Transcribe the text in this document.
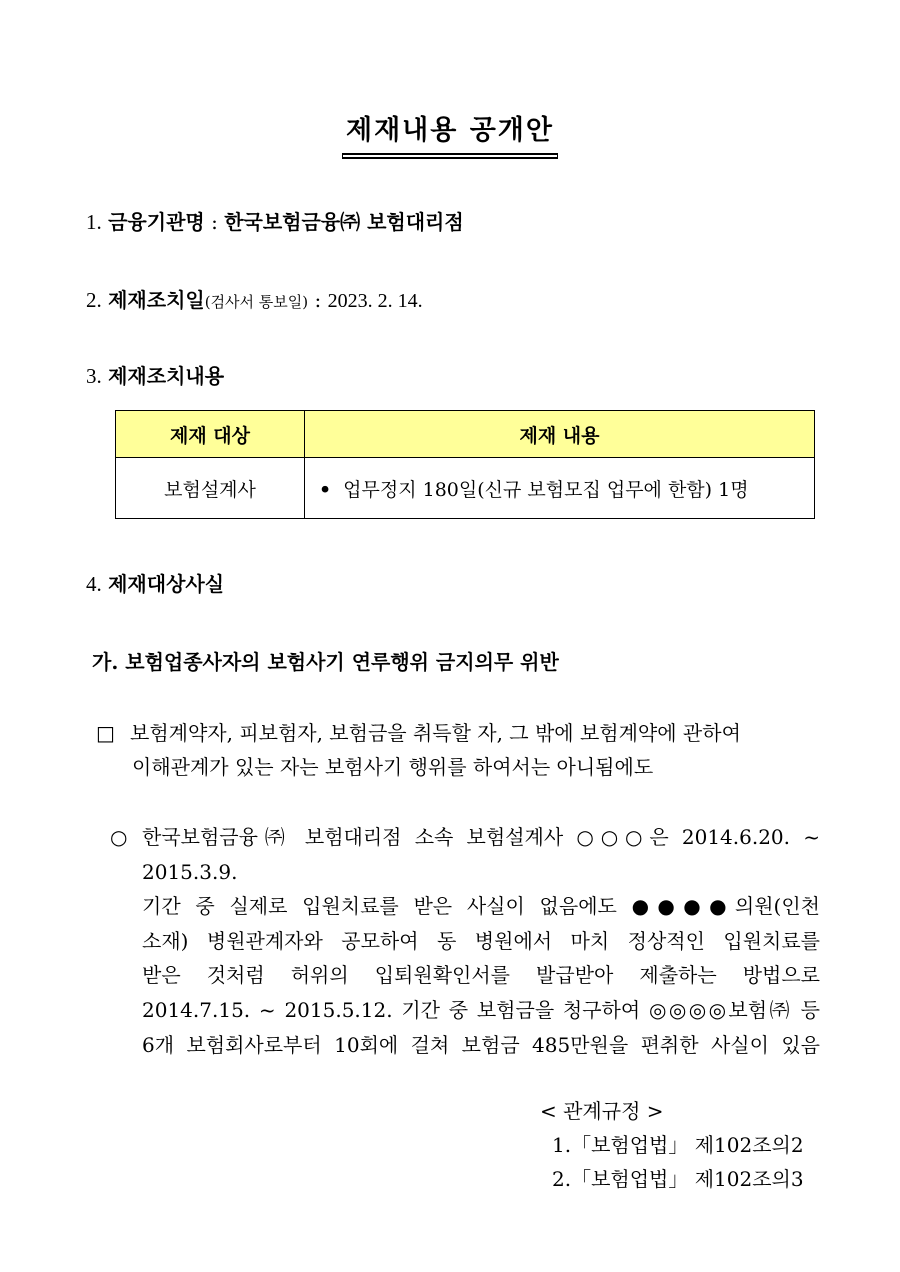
제재내용 공개안
1. 금융기관명 : 한국보험금융㈜ 보험대리점
2. 제재조치일(검사서 통보일) : 2023. 2. 14.
3. 제재조치내용
제재 대상	제재 내용
보험설계사	• 업무정지 180일(신규 보험모집 업무에 한함) 1명
4. 제재대상사실
가. 보험업종사자의 보험사기 연루행위 금지의무 위반
□ 보험계약자, 피보험자, 보험금을 취득할 자, 그 밖에 보험계약에 관하여
이해관계가 있는 자는 보험사기 행위를 하여서는 아니됨에도
○ 한국보험금융㈜ 보험대리점 소속 보험설계사 ○○○은 2014.6.20. ~ 2015.3.9.
기간 중 실제로 입원치료를 받은 사실이 없음에도 ●●●●의원(인천
소재) 병원관계자와 공모하여 동 병원에서 마치 정상적인 입원치료를
받은 것처럼 허위의 입퇴원확인서를 발급받아 제출하는 방법으로
2014.7.15. ~ 2015.5.12. 기간 중 보험금을 청구하여 ◎◎◎◎보험㈜ 등
6개 보험회사로부터 10회에 걸쳐 보험금 485만원을 편취한 사실이 있음
< 관계규정 >
1.「보험업법」 제102조의2
2.「보험업법」 제102조의3
